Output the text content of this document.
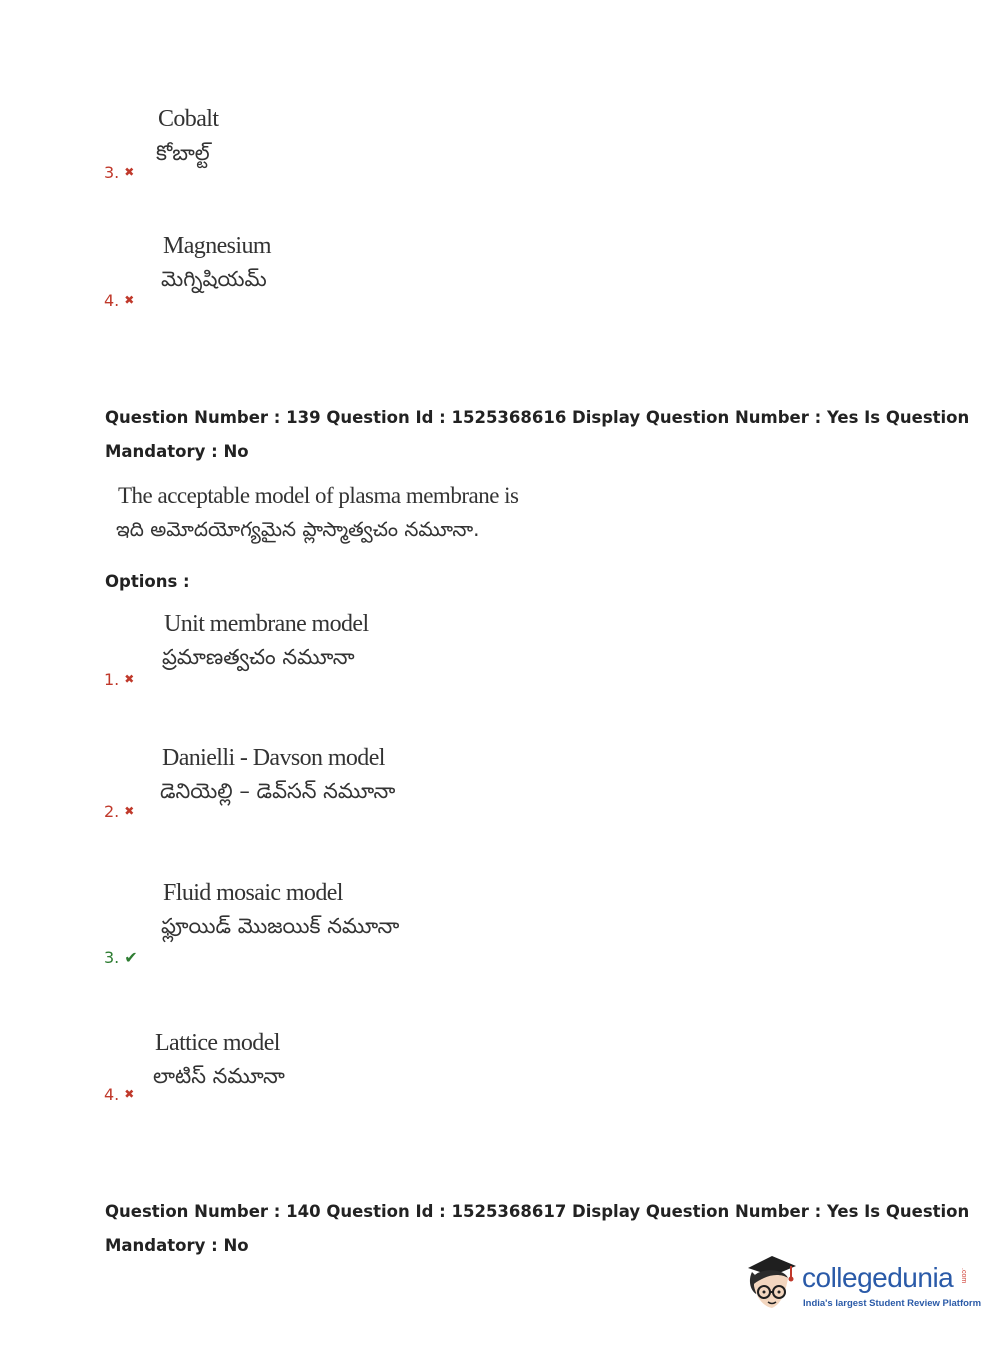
Cobalt
కోబాల్ట్
3. ✖
Magnesium
మెగ్నిషియమ్
4. ✖
Question Number : 139 Question Id : 1525368616 Display Question Number : Yes Is Question
Mandatory : No
The acceptable model of plasma membrane is
ఇది అమోదయోగ్యమైన ప్లాస్మాత్వచం నమూనా.
Options :
Unit membrane model
ప్రమాణత్వచం నమూనా
1. ✖
Danielli - Davson model
డెనియెల్లి – డెవ్‌సన్ నమూనా
2. ✖
Fluid mosaic model
ఫ్లూయిడ్ మొజయిక్ నమూనా
3. ✔
Lattice model
లాటిస్ నమూనా
4. ✖
Question Number : 140 Question Id : 1525368617 Display Question Number : Yes Is Question
Mandatory : No
collegedunia .com
India's largest Student Review Platform
